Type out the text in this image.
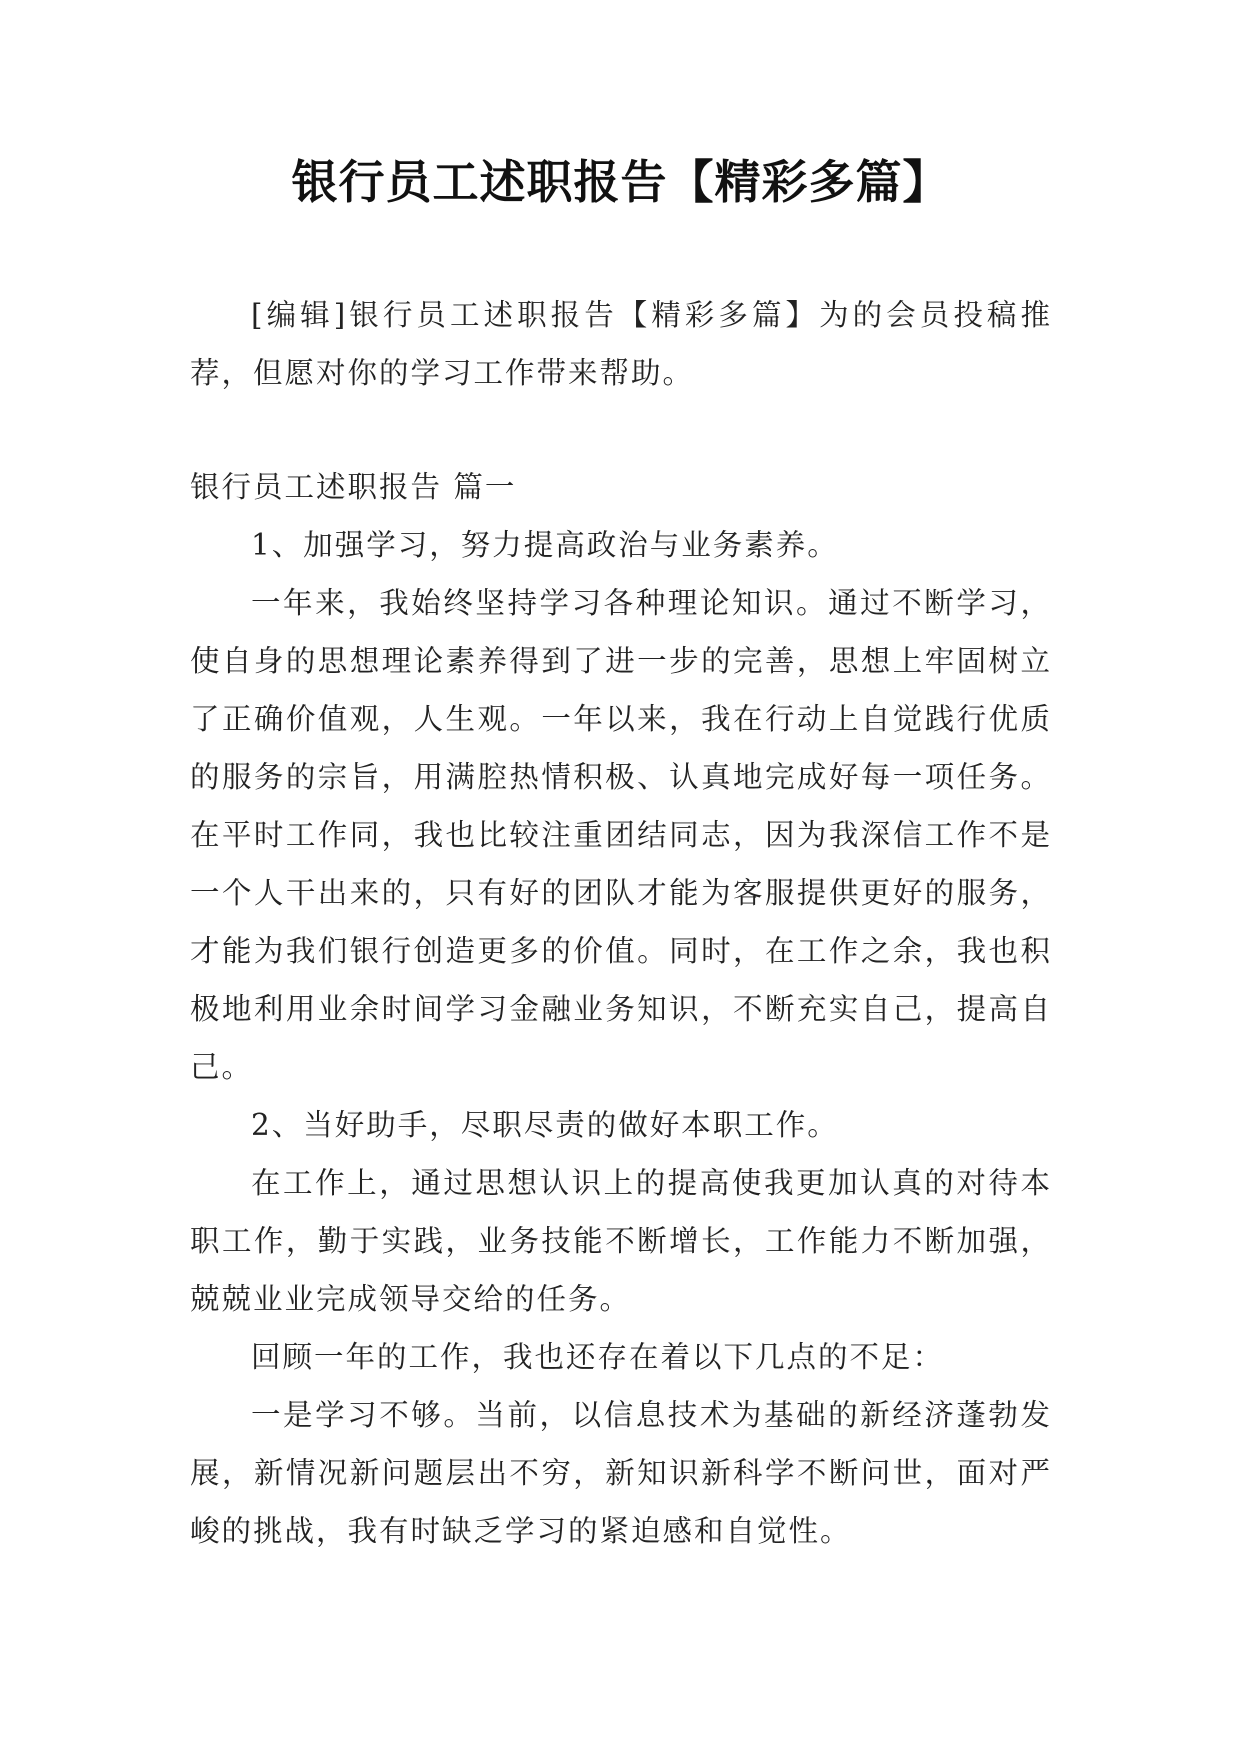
银行员工述职报告【精彩多篇】

[编辑]银行员工述职报告【精彩多篇】为的会员投稿推荐，但愿对你的学习工作带来帮助。

银行员工述职报告 篇一

1、加强学习，努力提高政治与业务素养。

一年来，我始终坚持学习各种理论知识。通过不断学习，使自身的思想理论素养得到了进一步的完善，思想上牢固树立了正确价值观，人生观。一年以来，我在行动上自觉践行优质的服务的宗旨，用满腔热情积极、认真地完成好每一项任务。在平时工作同，我也比较注重团结同志，因为我深信工作不是一个人干出来的，只有好的团队才能为客服提供更好的服务，才能为我们银行创造更多的价值。同时，在工作之余，我也积极地利用业余时间学习金融业务知识，不断充实自己，提高自己。

2、当好助手，尽职尽责的做好本职工作。

在工作上，通过思想认识上的提高使我更加认真的对待本职工作，勤于实践，业务技能不断增长，工作能力不断加强，兢兢业业完成领导交给的任务。

回顾一年的工作，我也还存在着以下几点的不足：

一是学习不够。当前，以信息技术为基础的新经济蓬勃发展，新情况新问题层出不穷，新知识新科学不断问世，面对严峻的挑战，我有时缺乏学习的紧迫感和自觉性。
